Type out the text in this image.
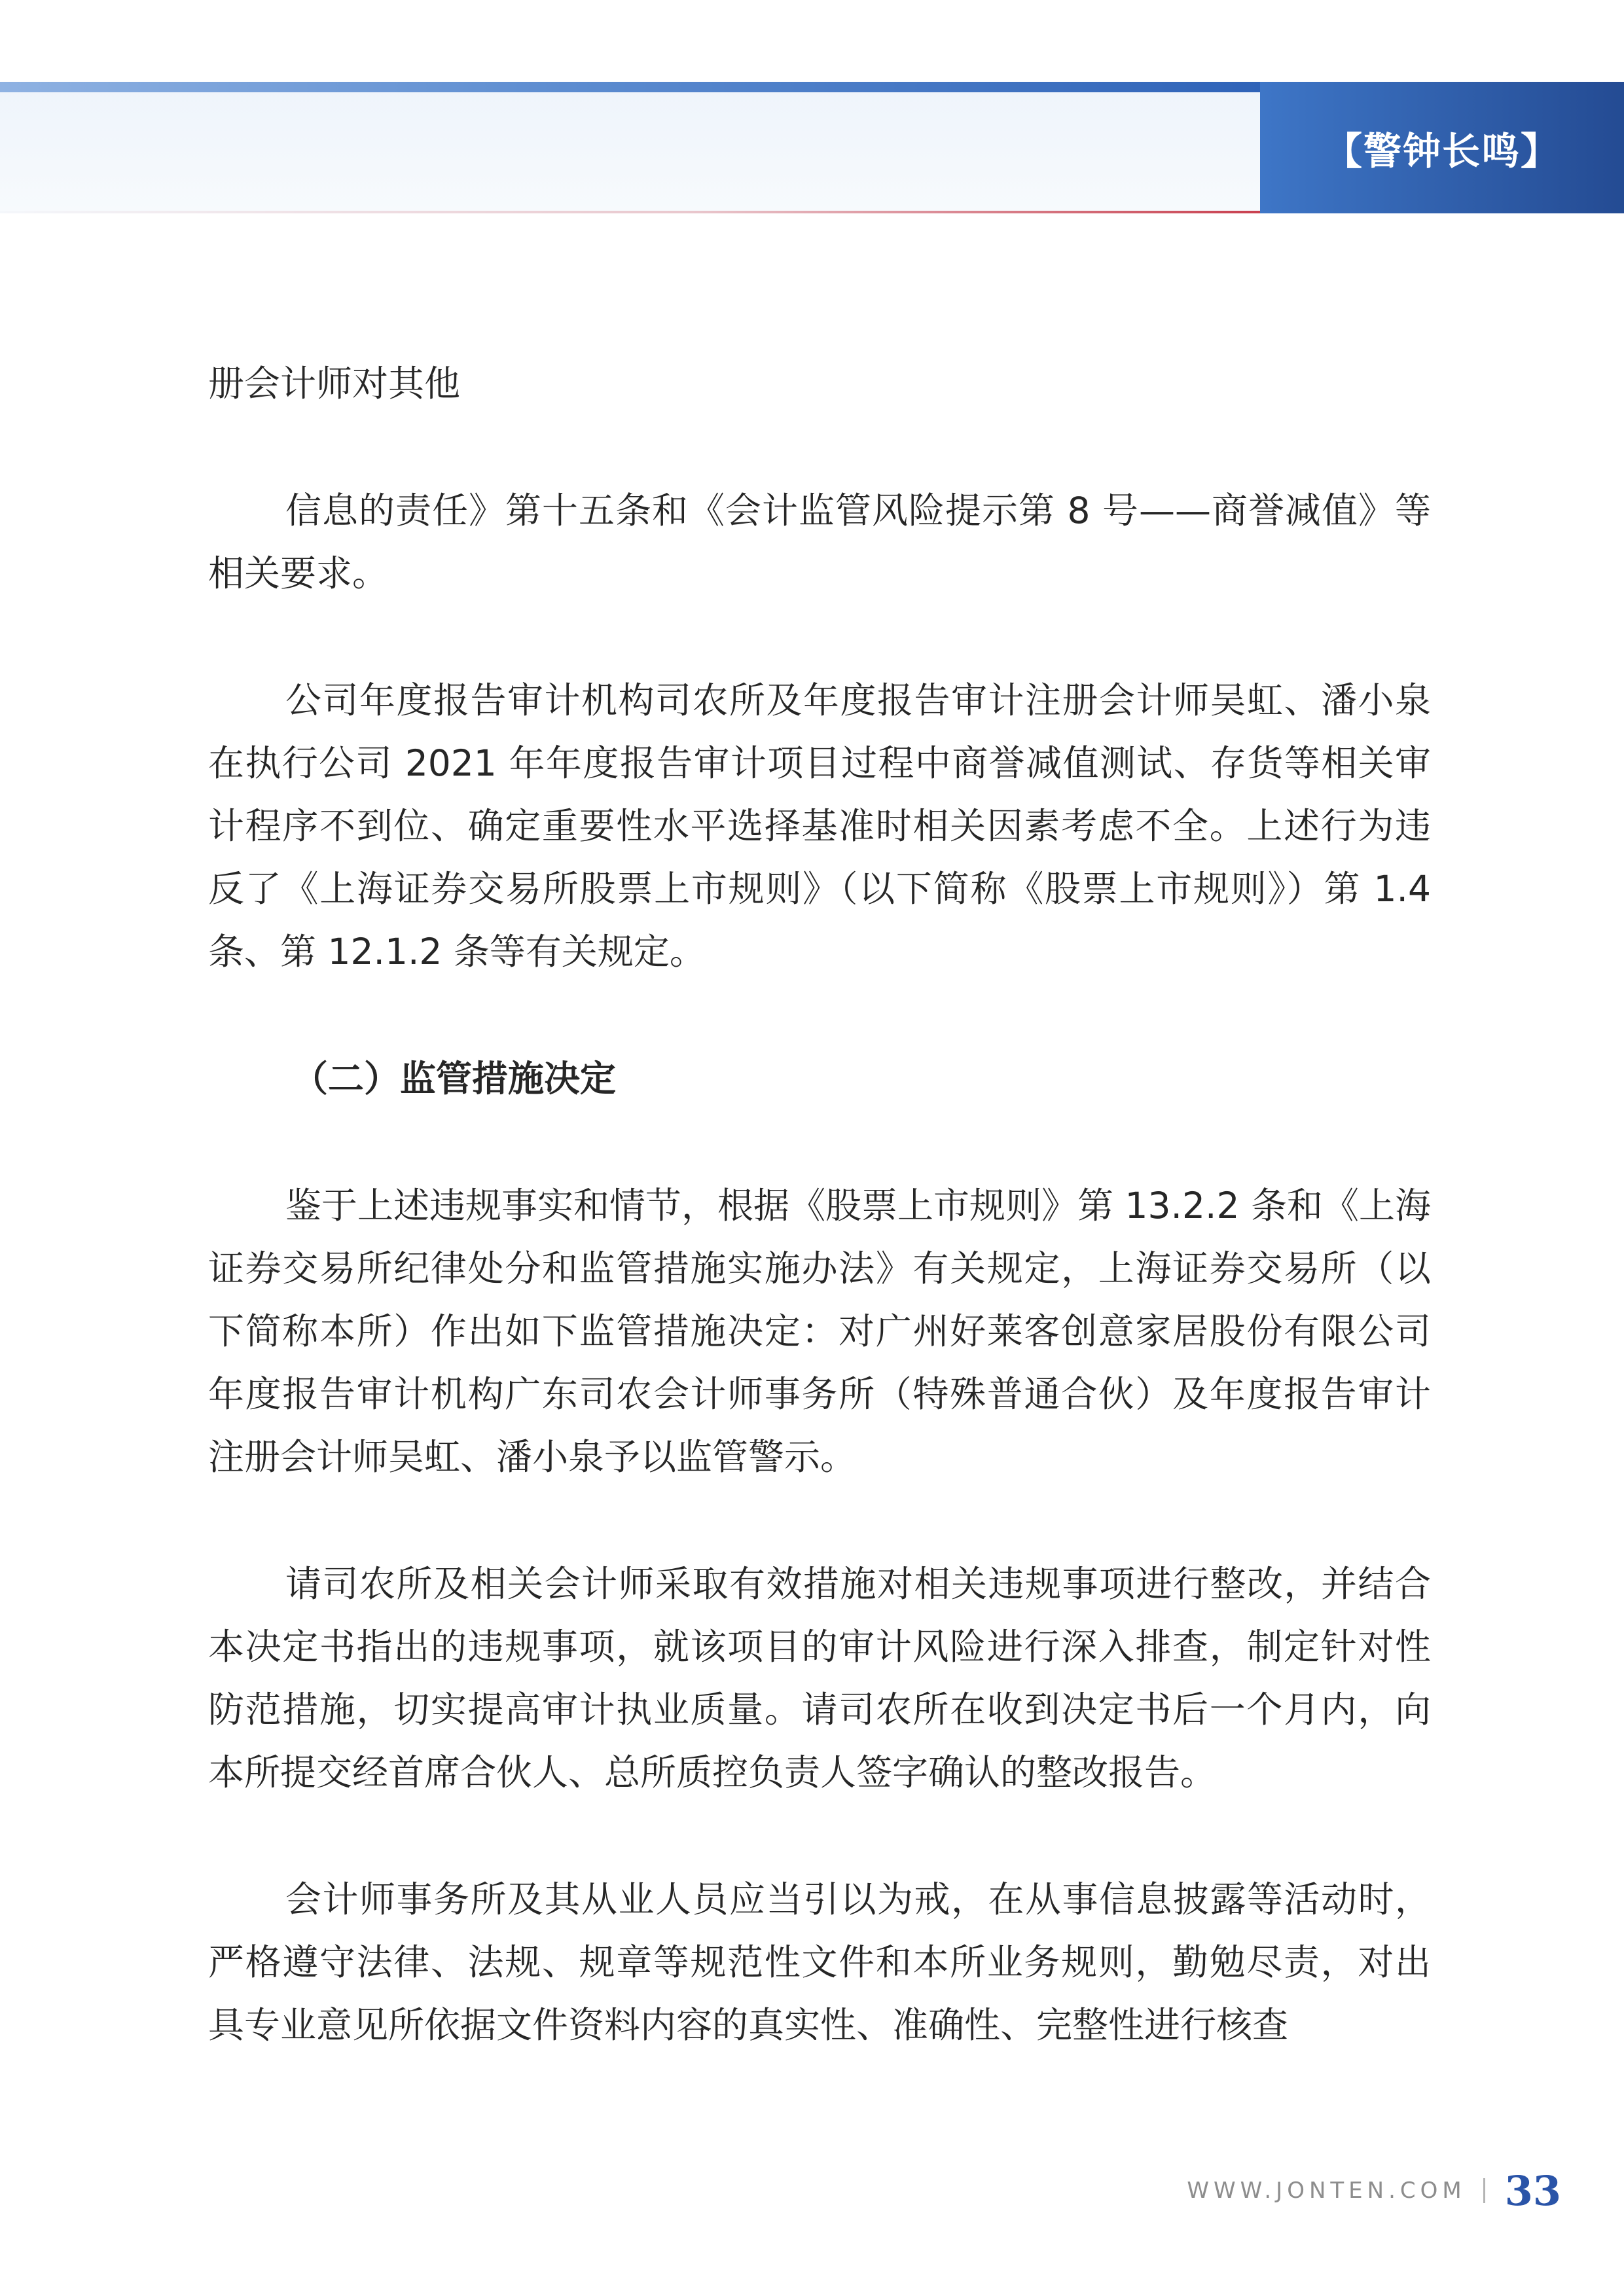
【警钟长鸣】

册会计师对其他

信息的责任》第十五条和《会计监管风险提示第 8 号——商誉减值》等相关要求。

公司年度报告审计机构司农所及年度报告审计注册会计师吴虹、潘小泉在执行公司 2021 年年度报告审计项目过程中商誉减值测试、存货等相关审计程序不到位、确定重要性水平选择基准时相关因素考虑不全。上述行为违反了《上海证券交易所股票上市规则》（以下简称《股票上市规则》）第 1.4 条、第 12.1.2 条等有关规定。

（二）监管措施决定

鉴于上述违规事实和情节，根据《股票上市规则》第 13.2.2 条和《上海证券交易所纪律处分和监管措施实施办法》有关规定，上海证券交易所（以下简称本所）作出如下监管措施决定：对广州好莱客创意家居股份有限公司年度报告审计机构广东司农会计师事务所（特殊普通合伙）及年度报告审计注册会计师吴虹、潘小泉予以监管警示。

请司农所及相关会计师采取有效措施对相关违规事项进行整改，并结合本决定书指出的违规事项，就该项目的审计风险进行深入排查，制定针对性防范措施，切实提高审计执业质量。请司农所在收到决定书后一个月内，向本所提交经首席合伙人、总所质控负责人签字确认的整改报告。

会计师事务所及其从业人员应当引以为戒，在从事信息披露等活动时，严格遵守法律、法规、规章等规范性文件和本所业务规则，勤勉尽责，对出具专业意见所依据文件资料内容的真实性、准确性、完整性进行核查

WWW.JONTEN.COM 33
